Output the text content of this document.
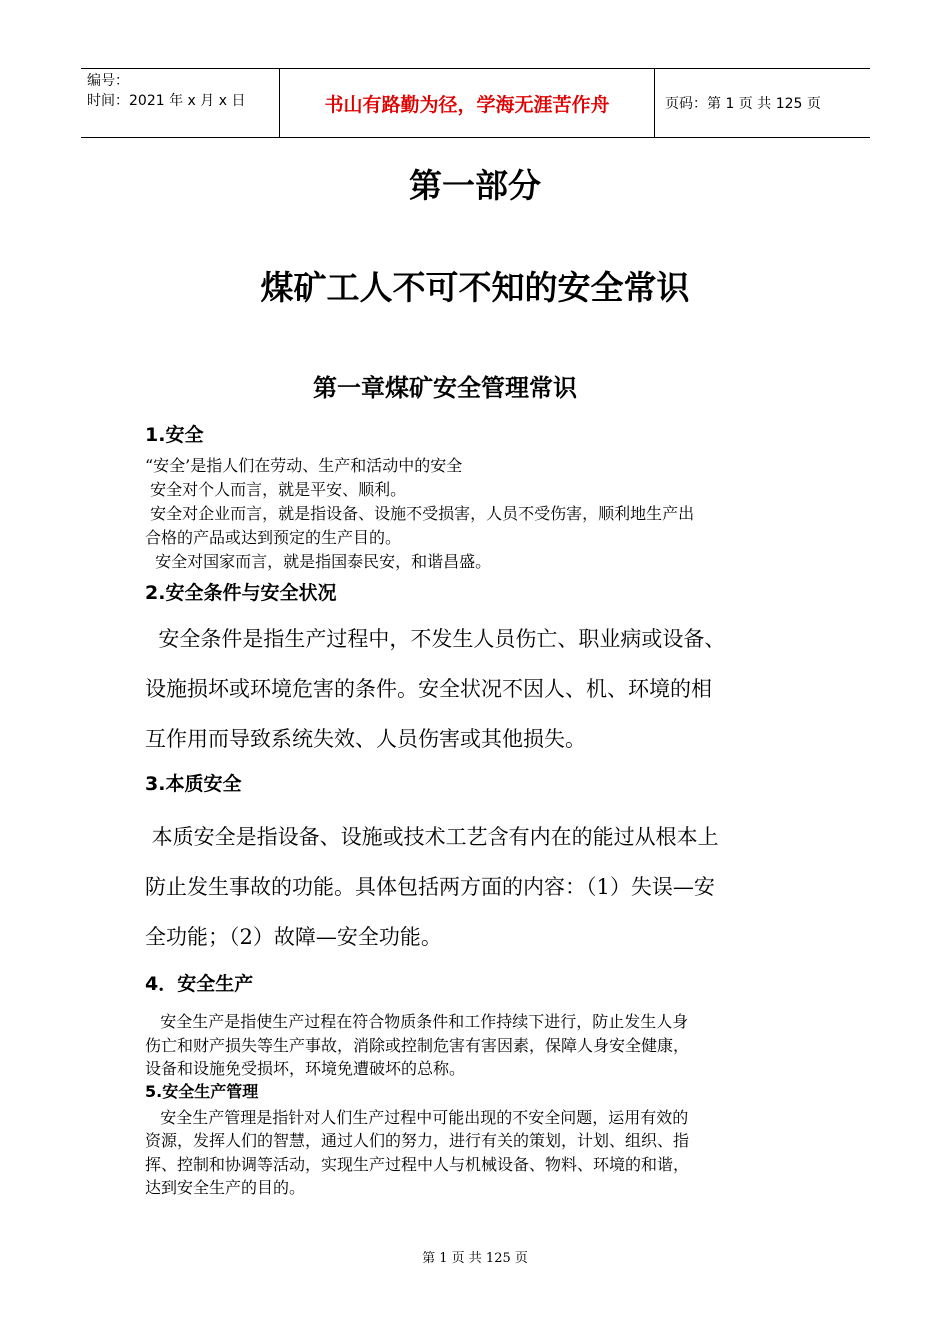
编号：
时间：2021 年 x 月 x 日	书山有路勤为径，学海无涯苦作舟	页码：第 1 页 共 125 页
第一部分
煤矿工人不可不知的安全常识
第一章煤矿安全管理常识
1.安全
“安全’是指人们在劳动、生产和活动中的安全
安全对个人而言，就是平安、顺利。
安全对企业而言，就是指设备、设施不受损害，人员不受伤害，顺利地生产出
合格的产品或达到预定的生产目的。
安全对国家而言，就是指国泰民安，和谐昌盛。
2.安全条件与安全状况
安全条件是指生产过程中，不发生人员伤亡、职业病或设备、
设施损坏或环境危害的条件。安全状况不因人、机、环境的相
互作用而导致系统失效、人员伤害或其他损失。
3.本质安全
本质安全是指设备、设施或技术工艺含有内在的能过从根本上
防止发生事故的功能。具体包括两方面的内容：（1）失误—安
全功能；（2）故障—安全功能。
4．安全生产
安全生产是指使生产过程在符合物质条件和工作持续下进行，防止发生人身
伤亡和财产损失等生产事故，消除或控制危害有害因素，保障人身安全健康，
设备和设施免受损坏，环境免遭破坏的总称。
5.安全生产管理
安全生产管理是指针对人们生产过程中可能出现的不安全问题，运用有效的
资源，发挥人们的智慧，通过人们的努力，进行有关的策划，计划、组织、指
挥、控制和协调等活动，实现生产过程中人与机械设备、物料、环境的和谐，
达到安全生产的目的。
第 1 页 共 125 页
